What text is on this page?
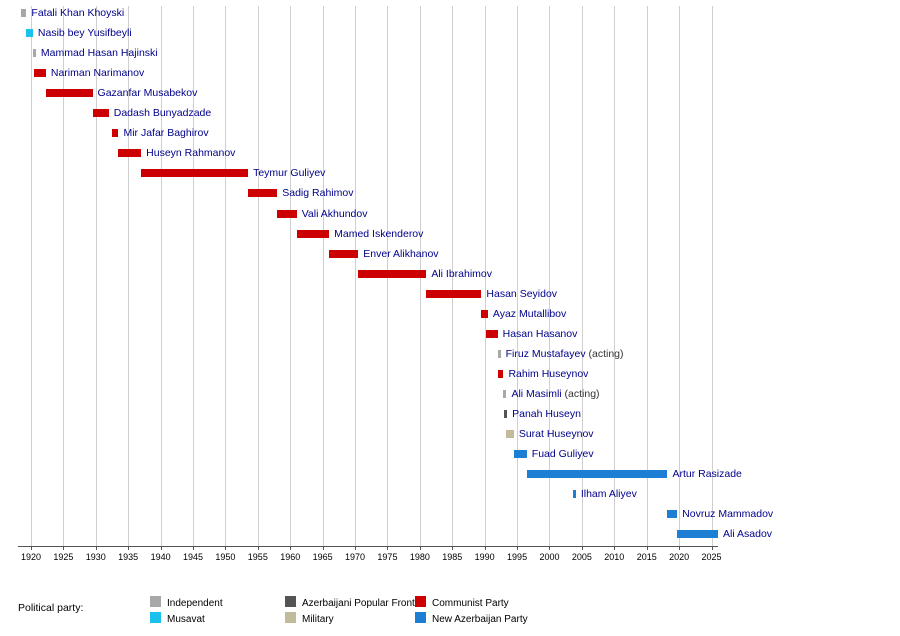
1920	1925	1930	1935	1940	1945	1950	1955	1960	1965	1970	1975	1980	1985	1990	1995	2000	2005	2010	2015	2020	2025
Fatali Khan Khoyski
Nasib bey Yusifbeyli
Mammad Hasan Hajinski
Nariman Narimanov
Gazanfar Musabekov
Dadash Bunyadzade
Mir Jafar Baghirov
Huseyn Rahmanov
Teymur Guliyev
Sadig Rahimov
Vali Akhundov
Mamed Iskenderov
Enver Alikhanov
Ali Ibrahimov
Hasan Seyidov
Ayaz Mutallibov
Hasan Hasanov
Firuz Mustafayev (acting)
Rahim Huseynov
Ali Masimli (acting)
Panah Huseyn
Surat Huseynov
Fuad Guliyev
Artur Rasizade
Ilham Aliyev
Novruz Mammadov
Ali Asadov
Political party:	Independent
Musavat
Azerbaijani Popular Front
Military
Communist Party
New Azerbaijan Party
